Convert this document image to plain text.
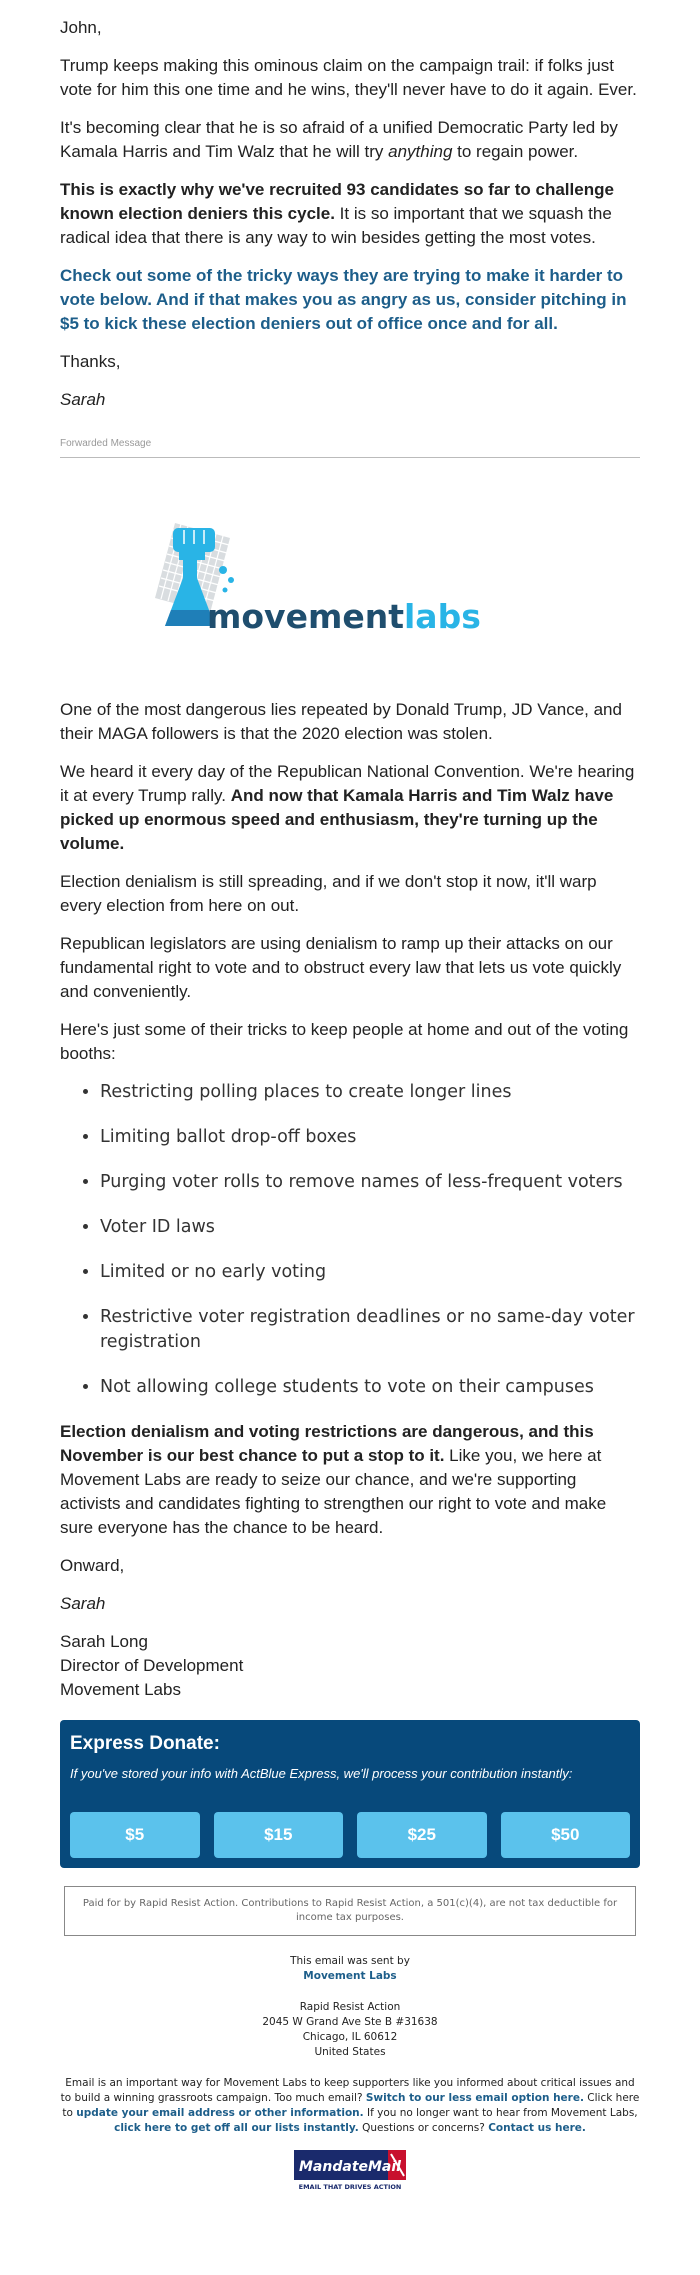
John,

Trump keeps making this ominous claim on the campaign trail: if folks just vote for him this one time and he wins, they'll never have to do it again. Ever.

It's becoming clear that he is so afraid of a unified Democratic Party led by Kamala Harris and Tim Walz that he will try anything to regain power.

This is exactly why we've recruited 93 candidates so far to challenge known election deniers this cycle. It is so important that we squash the radical idea that there is any way to win besides getting the most votes.

Check out some of the tricky ways they are trying to make it harder to vote below. And if that makes you as angry as us, consider pitching in $5 to kick these election deniers out of office once and for all.

Thanks,

Sarah

Forwarded Message
movementlabs

One of the most dangerous lies repeated by Donald Trump, JD Vance, and their MAGA followers is that the 2020 election was stolen.

We heard it every day of the Republican National Convention. We're hearing it at every Trump rally. And now that Kamala Harris and Tim Walz have picked up enormous speed and enthusiasm, they're turning up the volume.

Election denialism is still spreading, and if we don't stop it now, it'll warp every election from here on out.

Republican legislators are using denialism to ramp up their attacks on our fundamental right to vote and to obstruct every law that lets us vote quickly and conveniently.

Here's just some of their tricks to keep people at home and out of the voting booths:

• Restricting polling places to create longer lines
• Limiting ballot drop-off boxes
• Purging voter rolls to remove names of less-frequent voters
• Voter ID laws
• Limited or no early voting
• Restrictive voter registration deadlines or no same-day voter registration
• Not allowing college students to vote on their campuses

Election denialism and voting restrictions are dangerous, and this November is our best chance to put a stop to it. Like you, we here at Movement Labs are ready to seize our chance, and we're supporting activists and candidates fighting to strengthen our right to vote and make sure everyone has the chance to be heard.

Onward,

Sarah

Sarah Long

Director of Development

Movement Labs

Express Donate:

If you've stored your info with ActBlue Express, we'll process your contribution instantly:

$5	$15	$25	$50
Paid for by Rapid Resist Action. Contributions to Rapid Resist Action, a 501(c)(4), are not tax deductible for income tax purposes.
This email was sent by
Movement Labs
Rapid Resist Action
2045 W Grand Ave Ste B #31638
Chicago, IL 60612
United States
Email is an important way for Movement Labs to keep supporters like you informed about critical issues and to build a winning grassroots campaign. Too much email? Switch to our less email option here. Click here to update your email address or other information. If you no longer want to hear from Movement Labs, click here to get off all our lists instantly. Questions or concerns? Contact us here.
MandateMail
EMAIL THAT DRIVES ACTION
